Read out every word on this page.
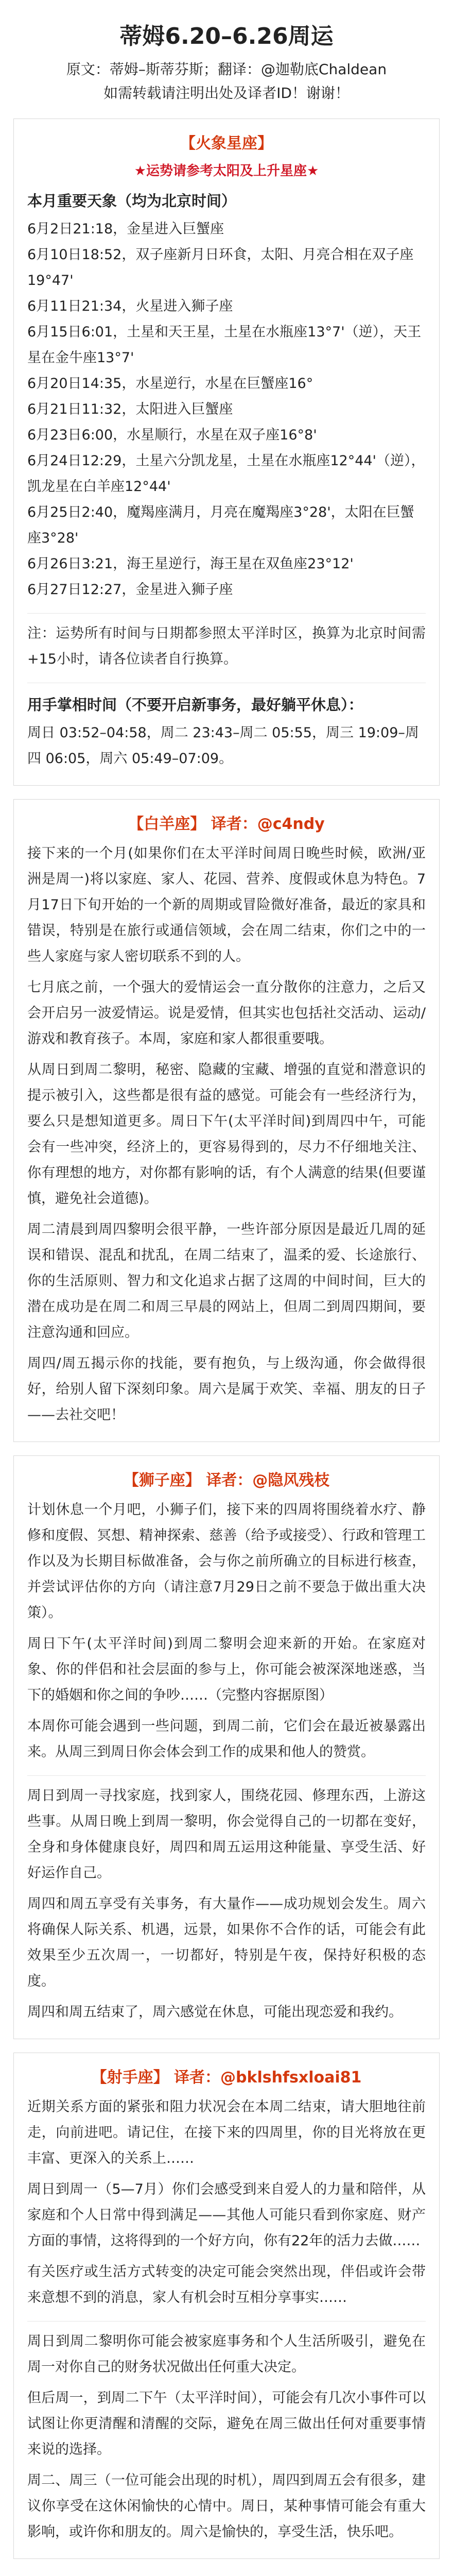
蒂姆6.20–6.26周运

原文：蒂姆–斯蒂芬斯；翻译：@迦勒底Chaldean

如需转载请注明出处及译者ID！谢谢！

【火象星座】
★运势请参考太阳及上升星座★
本月重要天象（均为北京时间）

6月2日21:18，金星进入巨蟹座

6月10日18:52，双子座新月日环食，太阳、月亮合相在双子座19°47'

6月11日21:34，火星进入狮子座

6月15日6:01，土星和天王星，土星在水瓶座13°7'（逆），天王星在金牛座13°7'

6月20日14:35，水星逆行，水星在巨蟹座16°

6月21日11:32，太阳进入巨蟹座

6月23日6:00，水星顺行，水星在双子座16°8'

6月24日12:29，土星六分凯龙星，土星在水瓶座12°44'（逆），凯龙星在白羊座12°44'

6月25日2:40，魔羯座满月，月亮在魔羯座3°28'，太阳在巨蟹座3°28'

6月26日3:21，海王星逆行，海王星在双鱼座23°12'

6月27日12:27，金星进入狮子座

注：运势所有时间与日期都参照太平洋时区，换算为北京时间需+15小时，请各位读者自行换算。

用手掌相时间（不要开启新事务，最好躺平休息）：

周日 03:52–04:58，周二 23:43–周二 05:55，周三 19:09–周四 06:05，周六 05:49–07:09。

【白羊座】 译者：@c4ndy

接下来的一个月(如果你们在太平洋时间周日晚些时候，欧洲/亚洲是周一)将以家庭、家人、花园、营养、度假或休息为特色。7月17日下旬开始的一个新的周期或冒险微好准备，最近的家具和错误，特别是在旅行或通信领域，会在周二结束，你们之中的一些人家庭与家人密切联系不到的人。

七月底之前，一个强大的爱情运会一直分散你的注意力，之后又会开启另一波爱情运。说是爱情，但其实也包括社交活动、运动/游戏和教育孩子。本周，家庭和家人都很重要哦。

从周日到周二黎明，秘密、隐藏的宝藏、增强的直觉和潜意识的提示被引入，这些都是很有益的感觉。可能会有一些经济行为，要么只是想知道更多。周日下午(太平洋时间)到周四中午，可能会有一些冲突，经济上的，更容易得到的，尽力不仔细地关注、你有理想的地方，对你都有影响的话，有个人满意的结果(但要谨慎，避免社会道德)。

周二清晨到周四黎明会很平静，一些许部分原因是最近几周的延误和错误、混乱和扰乱，在周二结束了，温柔的爱、长途旅行、你的生活原则、智力和文化追求占据了这周的中间时间，巨大的潜在成功是在周二和周三早晨的网站上，但周二到周四期间，要注意沟通和回应。

周四/周五揭示你的找能，要有抱负，与上级沟通，你会做得很好，给别人留下深刻印象。周六是属于欢笑、幸福、朋友的日子——去社交吧！

【狮子座】 译者：@隐风残枝

计划休息一个月吧，小狮子们，接下来的四周将围绕着水疗、静修和度假、冥想、精神探索、慈善（给予或接受）、行政和管理工作以及为长期目标做准备，会与你之前所确立的目标进行核查，并尝试评估你的方向（请注意7月29日之前不要急于做出重大决策）。

周日下午(太平洋时间)到周二黎明会迎来新的开始。在家庭对象、你的伴侣和社会层面的参与上，你可能会被深深地迷惑，当下的婚姻和你之间的争吵……（完整内容据原图）

本周你可能会遇到一些问题，到周二前，它们会在最近被暴露出来。从周三到周日你会体会到工作的成果和他人的赞赏。

周日到周一寻找家庭，找到家人，围绕花园、修理东西，上游这些事。从周日晚上到周一黎明，你会觉得自己的一切都在变好，全身和身体健康良好，周四和周五运用这种能量、享受生活、好好运作自己。

周四和周五享受有关事务，有大量作——成功规划会发生。周六将确保人际关系、机遇，远景，如果你不合作的话，可能会有此效果至少五次周一，一切都好，特别是午夜，保持好积极的态度。

周四和周五结束了，周六感觉在休息，可能出现恋爱和我约。

【射手座】 译者：@bklshfsxloai81

近期关系方面的紧张和阻力状况会在本周二结束，请大胆地往前走，向前进吧。请记住，在接下来的四周里，你的目光将放在更丰富、更深入的关系上……

周日到周一（5—7月）你们会感受到来自爱人的力量和陪伴，从家庭和个人日常中得到满足——其他人可能只看到你家庭、财产方面的事情，这将得到的一个好方向，你有22年的活力去做……

有关医疗或生活方式转变的决定可能会突然出现，伴侣或许会带来意想不到的消息，家人有机会时互相分享事实……

周日到周二黎明你可能会被家庭事务和个人生活所吸引，避免在周一对你自己的财务状况做出任何重大决定。

但后周一，到周二下午（太平洋时间），可能会有几次小事件可以试图让你更清醒和清醒的交际，避免在周三做出任何对重要事情来说的选择。

周二、周三（一位可能会出现的时机），周四到周五会有很多，建议你享受在这休闲愉快的心情中。周日，某种事情可能会有重大影响，或许你和朋友的。周六是愉快的，享受生活，快乐吧。
